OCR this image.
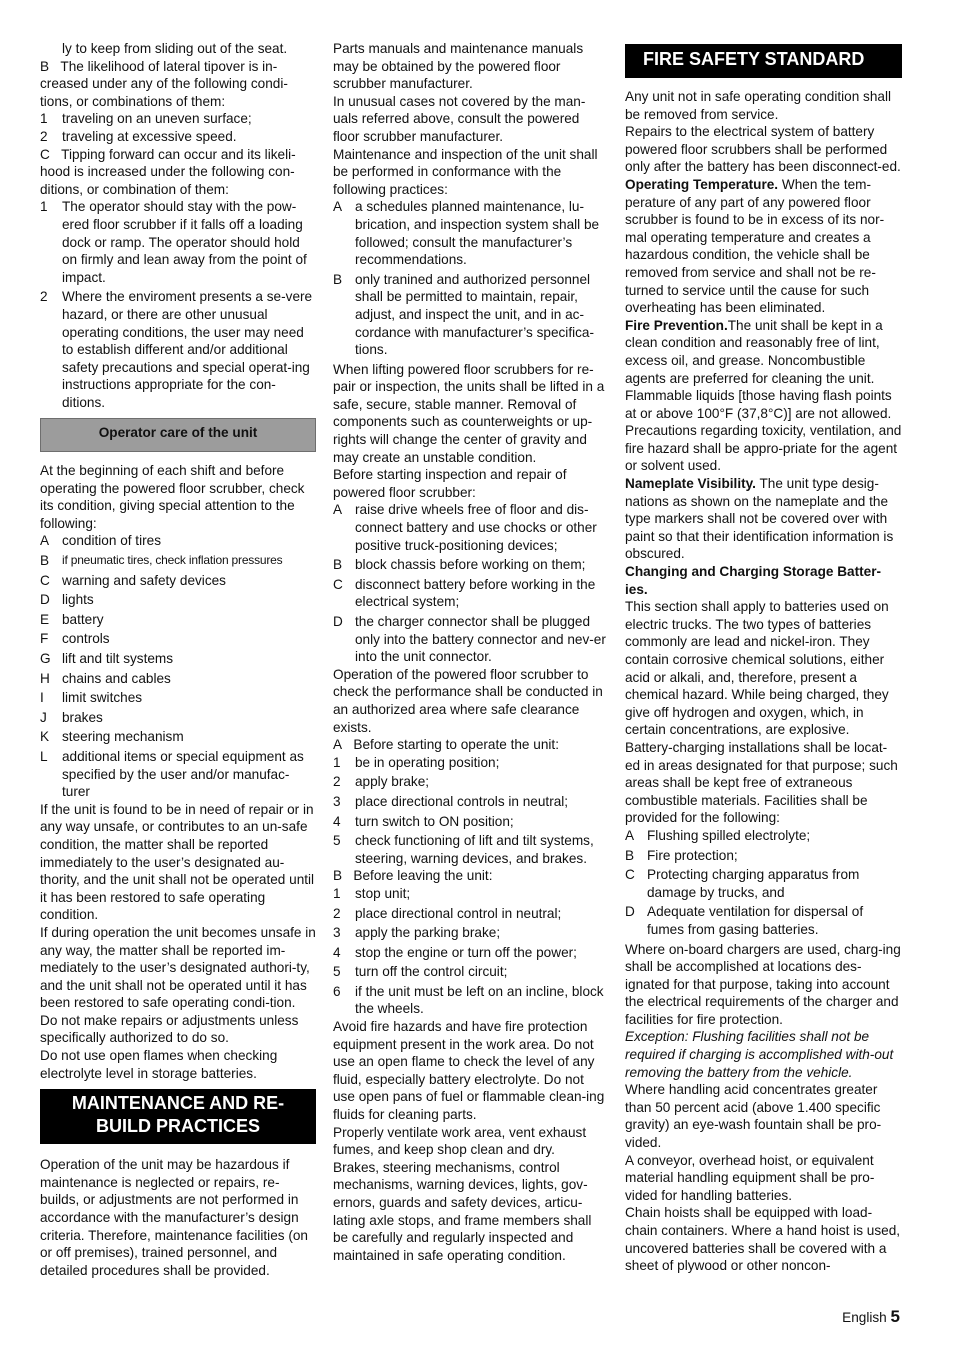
ly to keep from sliding out of the seat.

B The likelihood of lateral tipover is in-creased under any of the following condi-tions, or combinations of them:

1	traveling on an uneven surface;
2	traveling at excessive speed.

C Tipping forward can occur and its likeli-hood is increased under the following con-ditions, or combination of them:

1	The operator should stay with the pow-ered floor scrubber if it falls off a loading dock or ramp. The operator should hold on firmly and lean away from the point of impact.
2	Where the enviroment presents a se-vere hazard, or there are other unusual operating conditions, the user may need to establish different and/or additional safety precautions and special operat-ing instructions appropriate for the con-ditions.
Operator care of the unit

At the beginning of each shift and before operating the powered floor scrubber, check its condition, giving special attention to the following:

A condition of tires
B	if pneumatic tires, check inflation pressures
C warning and safety devices
D lights
E battery
F	controls
G lift and tilt systems
H chains and cables
I	limit switches
J	brakes
K steering mechanism
L	additional items or special equipment as specified by the user and/or manufac-turer

If the unit is found to be in need of repair or in any way unsafe, or contributes to an un-safe condition, the matter shall be reported immediately to the user’s designated au-thority, and the unit shall not be operated until it has been restored to safe operating condition.

If during operation the unit becomes unsafe in any way, the matter shall be reported im-mediately to the user’s designated authori-ty, and the unit shall not be operated until it has been restored to safe operating condi-tion.

Do not make repairs or adjustments unless specifically authorized to do so.

Do not use open flames when checking electrolyte level in storage batteries.

MAINTENANCE AND RE-
BUILD PRACTICES

Operation of the unit may be hazardous if maintenance is neglected or repairs, re-builds, or adjustments are not performed in accordance with the manufacturer’s design criteria. Therefore, maintenance facilities (on or off premises), trained personnel, and detailed procedures shall be provided.

Parts manuals and maintenance manuals may be obtained by the powered floor scrubber manufacturer.

In unusual cases not covered by the man-uals referred above, consult the powered floor scrubber manufacturer.

Maintenance and inspection of the unit shall be performed in conformance with the following practices:

A a schedules planned maintenance, lu-brication, and inspection system shall be followed; consult the manufacturer’s recommendations.
B only tranined and authorized personnel shall be permitted to maintain, repair, adjust, and inspect the unit, and in ac-cordance with manufacturer’s specifica-tions.

When lifting powered floor scrubbers for re-pair or inspection, the units shall be lifted in a safe, secure, stable manner. Removal of components such as counterweights or up-rights will change the center of gravity and may create an unstable condition.

Before starting inspection and repair of powered floor scrubber:

A raise drive wheels free of floor and dis-connect battery and use chocks or other positive truck-positioning devices;
B block chassis before working on them;
C disconnect battery before working in the electrical system;
D the charger connector shall be plugged only into the battery connector and nev-er into the unit connector.

Operation of the powered floor scrubber to check the performance shall be conducted in an authorized area where safe clearance exists.

A Before starting to operate the unit:

1	be in operating position;
2	apply brake;
3	place directional controls in neutral;
4	turn switch to ON position;
5	check functioning of lift and tilt systems, steering, warning devices, and brakes.

B Before leaving the unit:

1	stop unit;
2	place directional control in neutral;
3	apply the parking brake;
4	stop the engine or turn off the power;
5	turn off the control circuit;
6	if the unit must be left on an incline, block the wheels.

Avoid fire hazards and have fire protection equipment present in the work area. Do not use an open flame to check the level of any fluid, especially battery electrolyte. Do not use open pans of fuel or flammable clean-ing fluids for cleaning parts.

Properly ventilate work area, vent exhaust fumes, and keep shop clean and dry.

Brakes, steering mechanisms, control mechanisms, warning devices, lights, gov-ernors, guards and safety devices, articu-lating axle stops, and frame members shall be carefully and regularly inspected and maintained in safe operating condition.

FIRE SAFETY STANDARD

Any unit not in safe operating condition shall be removed from service.

Repairs to the electrical system of battery powered floor scrubbers shall be performed only after the battery has been disconnect-ed.

Operating Temperature. When the tem-perature of any part of any powered floor scrubber is found to be in excess of its nor-mal operating temperature and creates a hazardous condition, the vehicle shall be removed from service and shall not be re-turned to service until the cause for such overheating has been eliminated.

Fire Prevention.The unit shall be kept in a clean condition and reasonably free of lint, excess oil, and grease. Noncombustible agents are preferred for cleaning the unit. Flammable liquids [those having flash points at or above 100°F (37,8°C)] are not allowed. Precautions regarding toxicity, ventilation, and fire hazard shall be appro-priate for the agent or solvent used.

Nameplate Visibility. The unit type desig-nations as shown on the nameplate and the type markers shall not be covered over with paint so that their identification information is obscured.

Changing and Charging Storage Batter-ies.

This section shall apply to batteries used on electric trucks. The two types of batteries commonly are lead and nickel-iron. They contain corrosive chemical solutions, either acid or alkali, and, therefore, present a chemical hazard. While being charged, they give off hydrogen and oxygen, which, in certain concentrations, are explosive.

Battery-charging installations shall be locat-ed in areas designated for that purpose; such areas shall be kept free of extraneous combustible materials. Facilities shall be provided for the following:

A Flushing spilled electrolyte;
B Fire protection;
C Protecting charging apparatus from damage by trucks, and
D Adequate ventilation for dispersal of fumes from gasing batteries.

Where on-board chargers are used, charg-ing shall be accomplished at locations des-ignated for that purpose, taking into account the electrical requirements of the charger and facilities for fire protection.

Exception: Flushing facilities shall not be required if charging is accomplished with-out removing the battery from the vehicle.

Where handling acid concentrates greater than 50 percent acid (above 1.400 specific gravity) an eye-wash fountain shall be pro-vided.

A conveyor, overhead hoist, or equivalent material handling equipment shall be pro-vided for handling batteries.

Chain hoists shall be equipped with load-chain containers. Where a hand hoist is used, uncovered batteries shall be covered with a sheet of plywood or other noncon-

English 5
